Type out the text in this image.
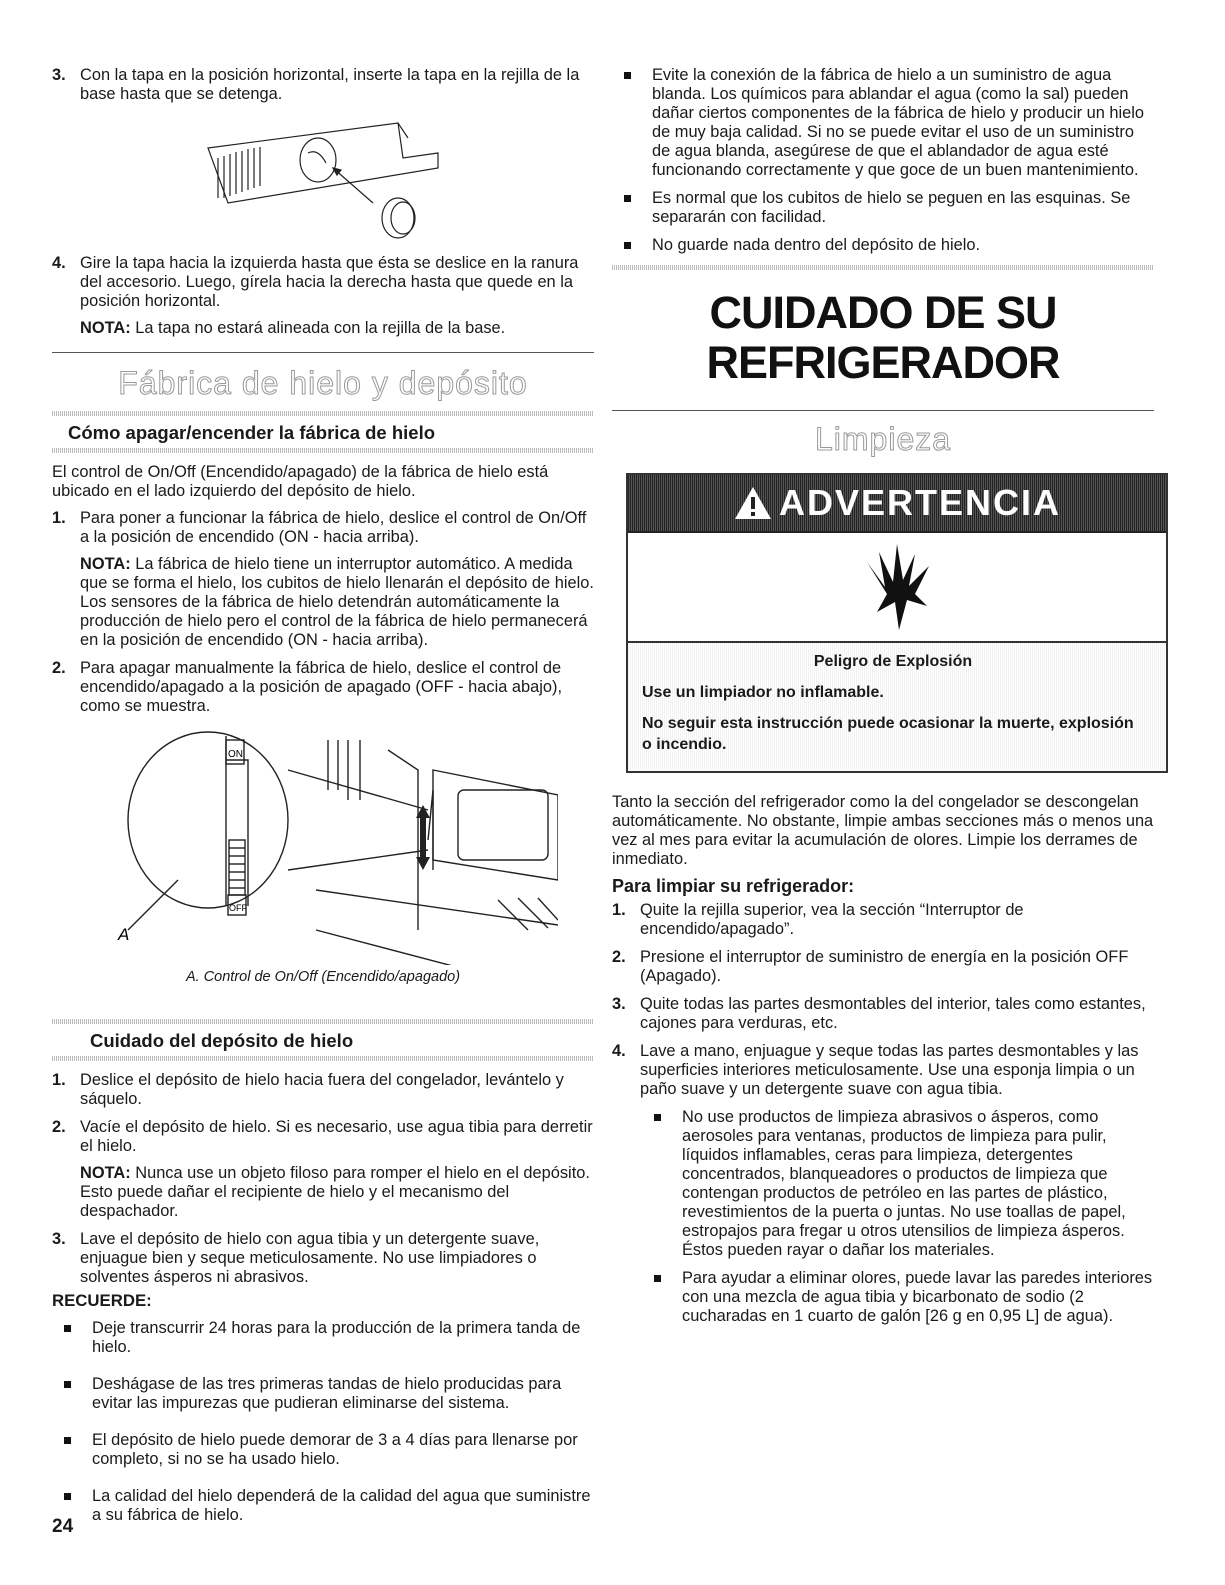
3. Con la tapa en la posición horizontal, inserte la tapa en la rejilla de la base hasta que se detenga.

4. Gire la tapa hacia la izquierda hasta que ésta se deslice en la ranura del accesorio. Luego, gírela hacia la derecha hasta que quede en la posición horizontal.

NOTA: La tapa no estará alineada con la rejilla de la base.

Fábrica de hielo y depósito

Cómo apagar/encender la fábrica de hielo

El control de On/Off (Encendido/apagado) de la fábrica de hielo está ubicado en el lado izquierdo del depósito de hielo.

1. Para poner a funcionar la fábrica de hielo, deslice el control de On/Off a la posición de encendido (ON - hacia arriba).

NOTA: La fábrica de hielo tiene un interruptor automático. A medida que se forma el hielo, los cubitos de hielo llenarán el depósito de hielo. Los sensores de la fábrica de hielo detendrán automáticamente la producción de hielo pero el control de la fábrica de hielo permanecerá en la posición de encendido (ON - hacia arriba).

2. Para apagar manualmente la fábrica de hielo, deslice el control de encendido/apagado a la posición de apagado (OFF - hacia abajo), como se muestra.

ON
OFF
A

A. Control de On/Off (Encendido/apagado)

Cuidado del depósito de hielo

1. Deslice el depósito de hielo hacia fuera del congelador, levántelo y sáquelo.

2. Vacíe el depósito de hielo. Si es necesario, use agua tibia para derretir el hielo.

NOTA: Nunca use un objeto filoso para romper el hielo en el depósito. Esto puede dañar el recipiente de hielo y el mecanismo del despachador.

3. Lave el depósito de hielo con agua tibia y un detergente suave, enjuague bien y seque meticulosamente. No use limpiadores o solventes ásperos ni abrasivos.

RECUERDE:

Deje transcurrir 24 horas para la producción de la primera tanda de hielo.

Deshágase de las tres primeras tandas de hielo producidas para evitar las impurezas que pudieran eliminarse del sistema.

El depósito de hielo puede demorar de 3 a 4 días para llenarse por completo, si no se ha usado hielo.

La calidad del hielo dependerá de la calidad del agua que suministre a su fábrica de hielo.

Evite la conexión de la fábrica de hielo a un suministro de agua blanda. Los químicos para ablandar el agua (como la sal) pueden dañar ciertos componentes de la fábrica de hielo y producir un hielo de muy baja calidad. Si no se puede evitar el uso de un suministro de agua blanda, asegúrese de que el ablandador de agua esté funcionando correctamente y que goce de un buen mantenimiento.

Es normal que los cubitos de hielo se peguen en las esquinas. Se separarán con facilidad.

No guarde nada dentro del depósito de hielo.

CUIDADO DE SU

REFRIGERADOR

Limpieza

ADVERTENCIA

Peligro de Explosión

Use un limpiador no inflamable.

No seguir esta instrucción puede ocasionar la muerte, explosión o incendio.

Tanto la sección del refrigerador como la del congelador se descongelan automáticamente. No obstante, limpie ambas secciones más o menos una vez al mes para evitar la acumulación de olores. Limpie los derrames de inmediato.

Para limpiar su refrigerador:

1. Quite la rejilla superior, vea la sección “Interruptor de encendido/apagado”.

2. Presione el interruptor de suministro de energía en la posición OFF (Apagado).

3. Quite todas las partes desmontables del interior, tales como estantes, cajones para verduras, etc.

4. Lave a mano, enjuague y seque todas las partes desmontables y las superficies interiores meticulosamente. Use una esponja limpia o un paño suave y un detergente suave con agua tibia.

No use productos de limpieza abrasivos o ásperos, como aerosoles para ventanas, productos de limpieza para pulir, líquidos inflamables, ceras para limpieza, detergentes concentrados, blanqueadores o productos de limpieza que contengan productos de petróleo en las partes de plástico, revestimientos de la puerta o juntas. No use toallas de papel, estropajos para fregar u otros utensilios de limpieza ásperos. Éstos pueden rayar o dañar los materiales.

Para ayudar a eliminar olores, puede lavar las paredes interiores con una mezcla de agua tibia y bicarbonato de sodio (2 cucharadas en 1 cuarto de galón [26 g en 0,95 L] de agua).

24
